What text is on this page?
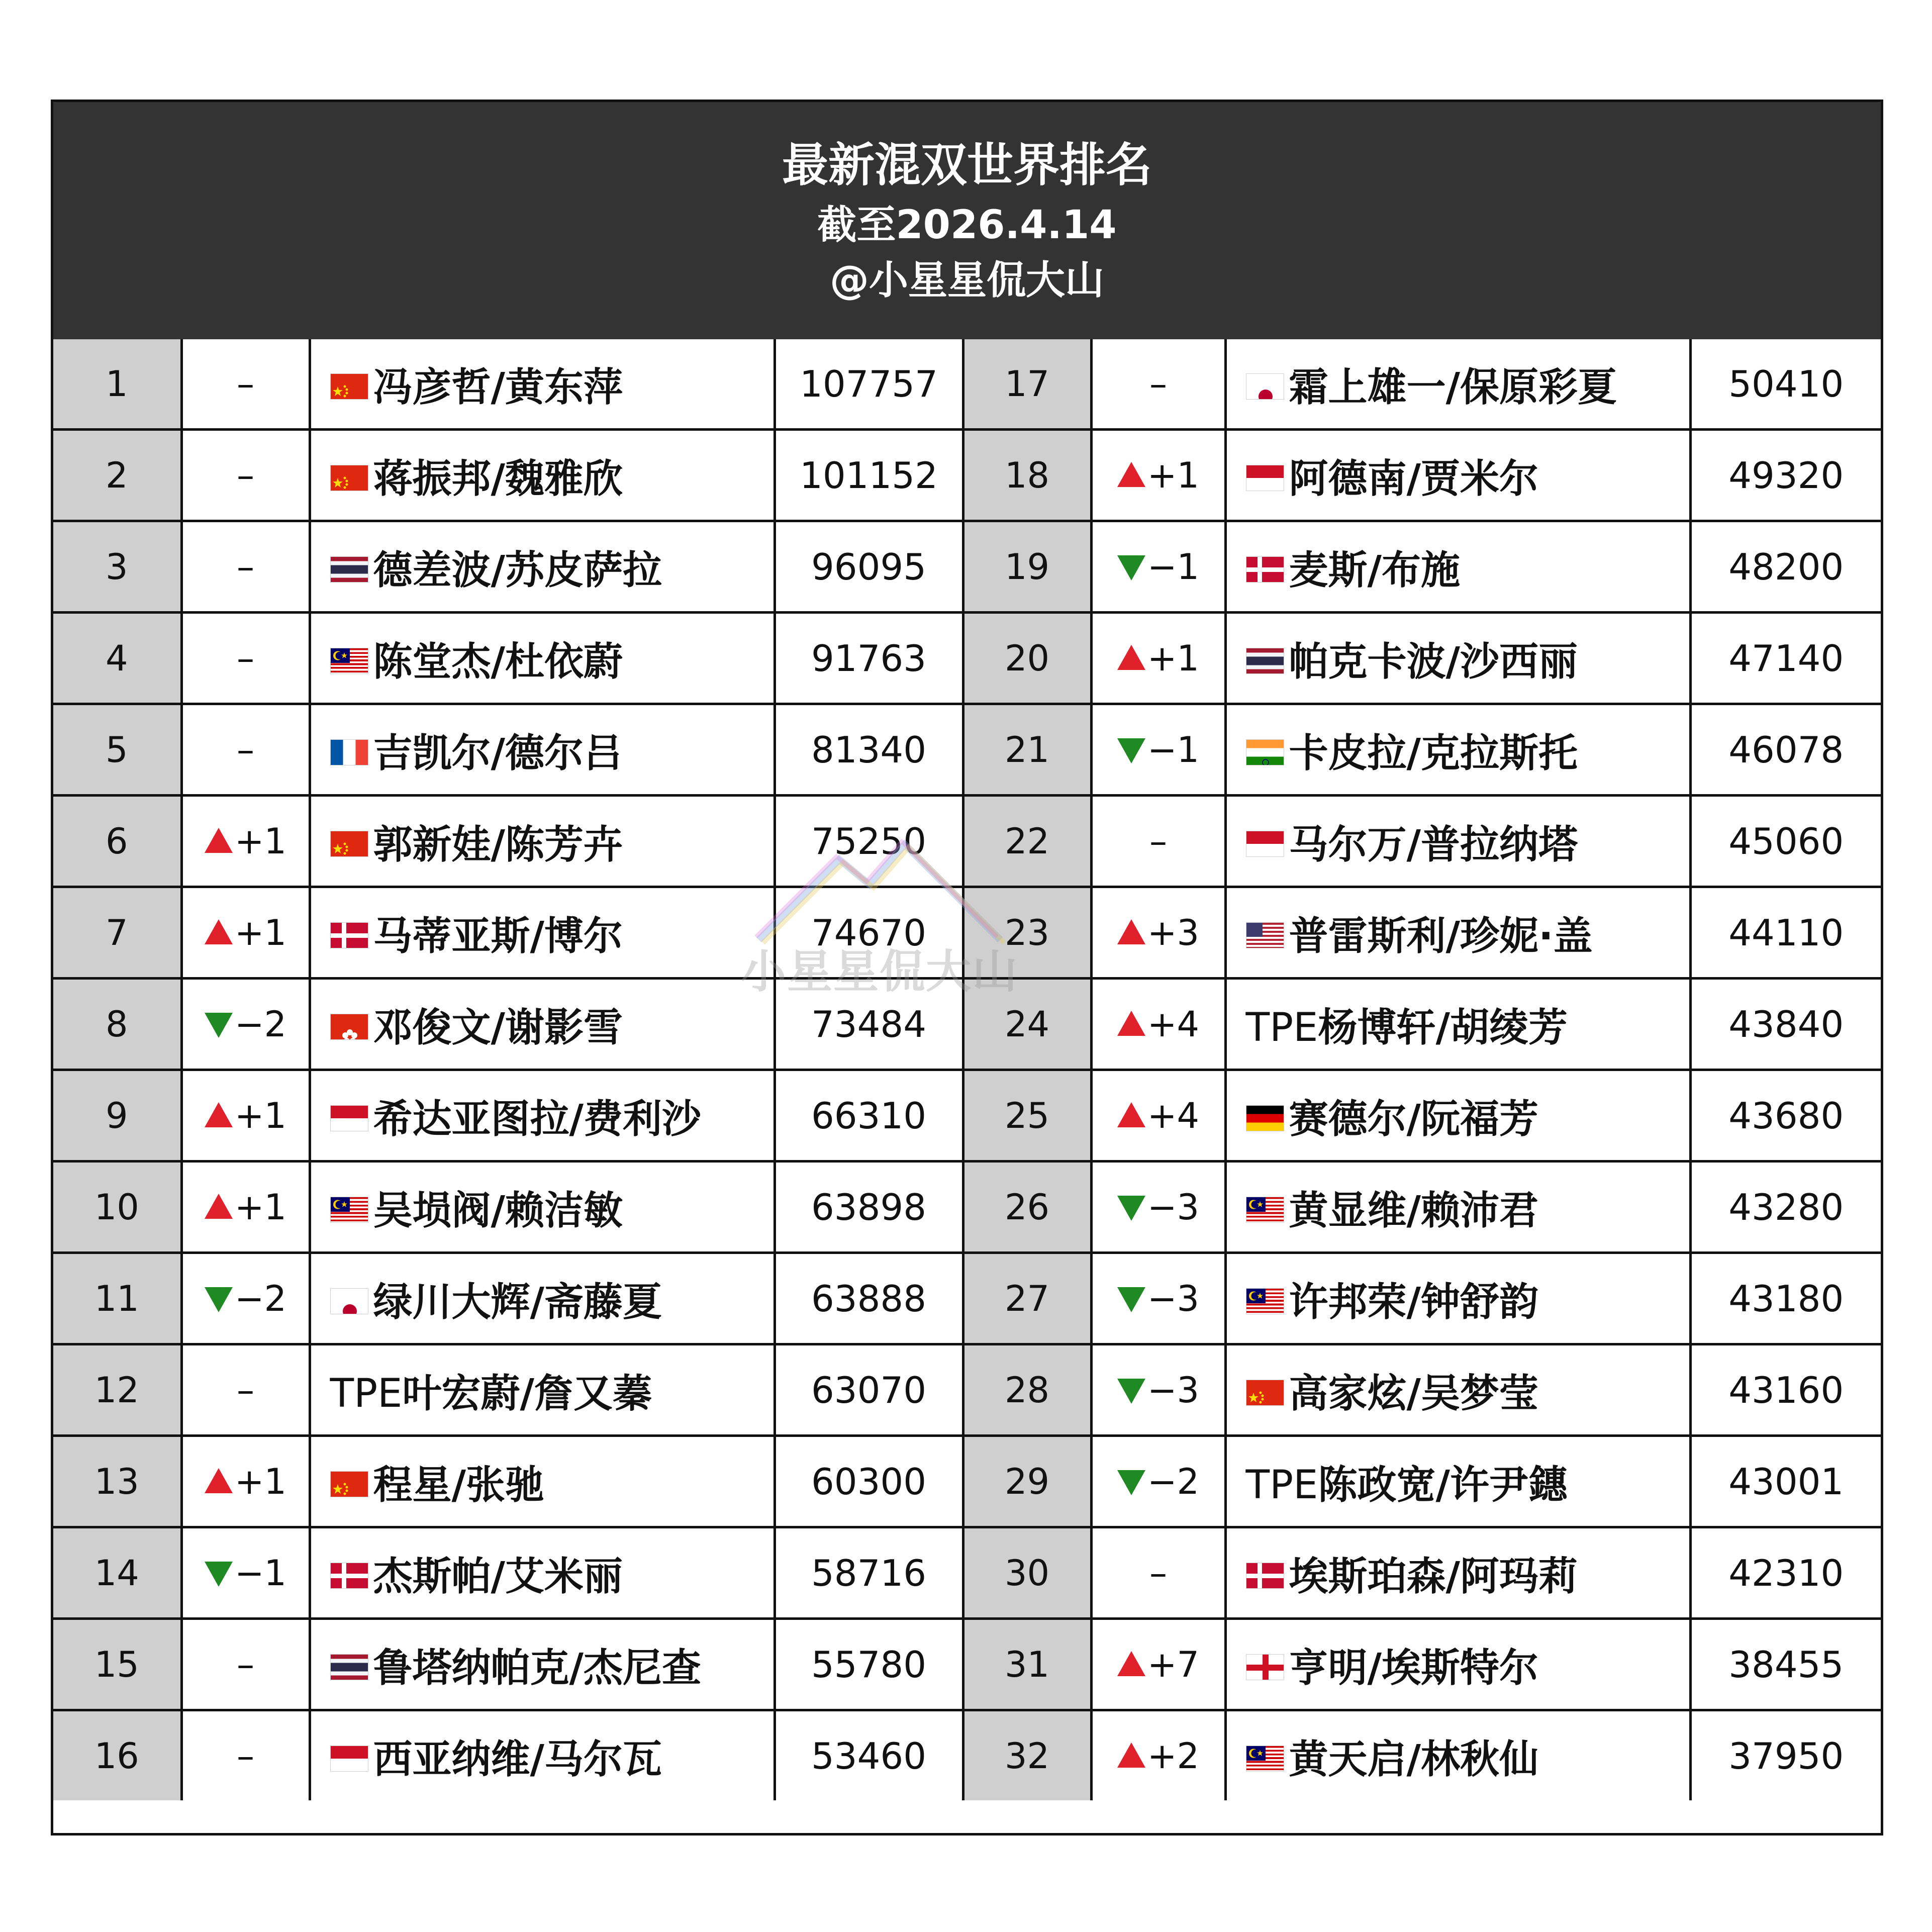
最新混双世界排名
截至2026.4.14
@小星星侃大山
1	–	冯彦哲/黄东萍	107757	17	–	霜上雄一/保原彩夏	50410
2	–	蒋振邦/魏雅欣	101152	18	+1	阿德南/贾米尔	49320
3	–	德差波/苏皮萨拉	96095	19	−1	麦斯/布施	48200
4	–	陈堂杰/杜依蔚	91763	20	+1	帕克卡波/沙西丽	47140
5	–	吉凯尔/德尔吕	81340	21	−1	卡皮拉/克拉斯托	46078
6	+1	郭新娃/陈芳卉	75250	22	–	马尔万/普拉纳塔	45060
7	+1	马蒂亚斯/博尔	74670	23	+3	普雷斯利/珍妮·盖	44110
8	−2	邓俊文/谢影雪	73484	24	+4	TPE杨博轩/胡绫芳	43840
9	+1	希达亚图拉/费利沙	66310	25	+4	赛德尔/阮福芳	43680
10	+1	吴埙阀/赖洁敏	63898	26	−3	黄显维/赖沛君	43280
11	−2	绿川大辉/斋藤夏	63888	27	−3	许邦荣/钟舒韵	43180
12	–	TPE叶宏蔚/詹又蓁	63070	28	−3	高家炫/吴梦莹	43160
13	+1	程星/张驰	60300	29	−2	TPE陈政宽/许尹鏸	43001
14	−1	杰斯帕/艾米丽	58716	30	–	埃斯珀森/阿玛莉	42310
15	–	鲁塔纳帕克/杰尼查	55780	31	+7	亨明/埃斯特尔	38455
16	–	西亚纳维/马尔瓦	53460	32	+2	黄天启/林秋仙	37950
小星星侃大山
